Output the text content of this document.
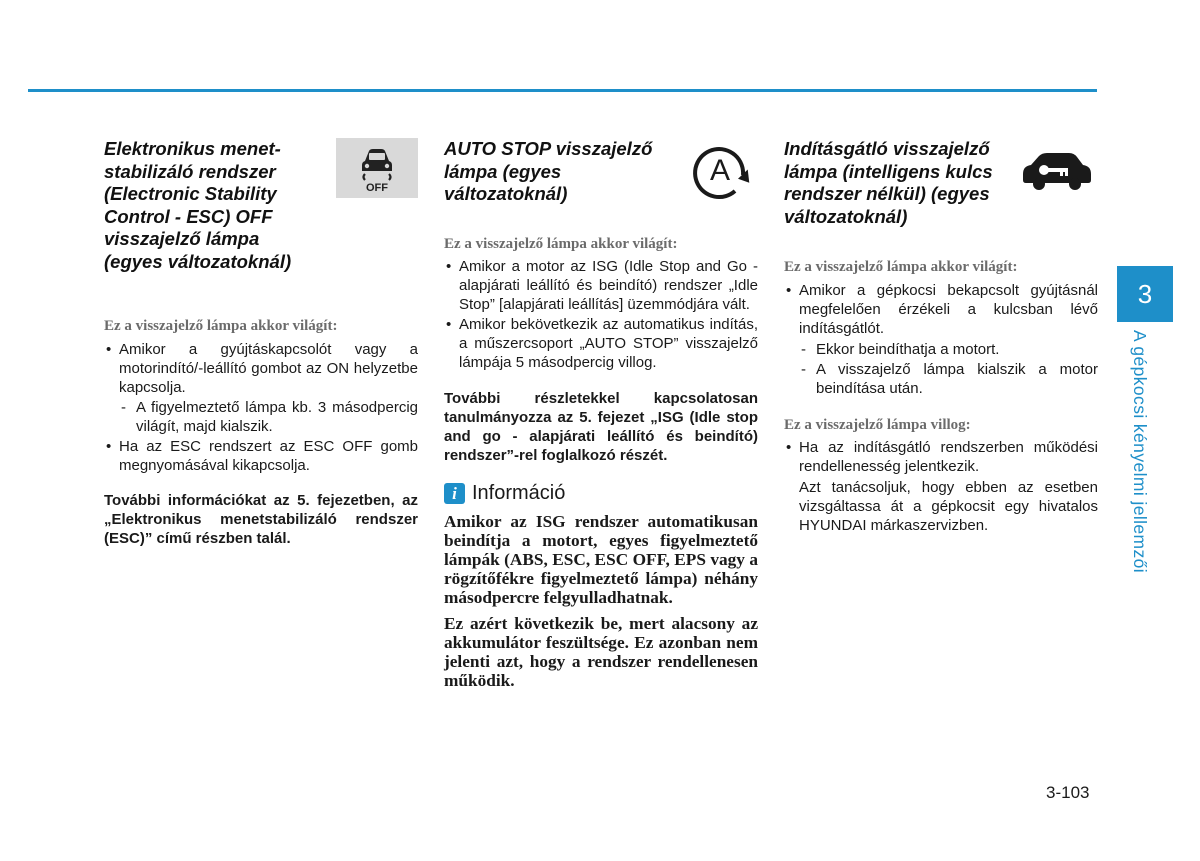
Elektronikus menet-
stabilizáló rendszer
(Electronic Stability
Control - ESC) OFF
visszajelző lámpa
(egyes változatoknál)
OFF

Ez a visszajelző lámpa akkor világít:

• Amikor a gyújtáskapcsolót vagy a motorindító/-leállító gombot az ON helyzetbe kapcsolja.
- A figyelmeztető lámpa kb. 3 másodpercig világít, majd kialszik.
• Ha az ESC rendszert az ESC OFF gomb megnyomásával kikapcsolja.

További információkat az 5. fejezetben, az „Elektronikus menetstabilizáló rendszer (ESC)” című részben talál.

AUTO STOP visszajelző
lámpa (egyes
változatoknál)
A

Ez a visszajelző lámpa akkor világít:

• Amikor a motor az ISG (Idle Stop and Go - alapjárati leállító és beindító) rendszer „Idle Stop” [alapjárati leállítás] üzemmódjára vált.
• Amikor bekövetkezik az automatikus indítás, a műszercsoport „AUTO STOP” visszajelző lámpája 5 másodpercig villog.

További részletekkel kapcsolatosan tanulmányozza az 5. fejezet „ISG (Idle stop and go - alapjárati leállító és beindító) rendszer”-rel foglalkozó részét.

i Információ

Amikor az ISG rendszer automatikusan beindítja a motort, egyes figyelmeztető lámpák (ABS, ESC, ESC OFF, EPS vagy a rögzítőfékre figyelmeztető lámpa) néhány másodpercre felgyulladhatnak.

Ez azért következik be, mert alacsony az akkumulátor feszültsége. Ez azonban nem jelenti azt, hogy a rendszer rendellenesen működik.

Indításgátló visszajelző
lámpa (intelligens kulcs
rendszer nélkül) (egyes
változatoknál)

Ez a visszajelző lámpa akkor világít:

• Amikor a gépkocsi bekapcsolt gyújtásnál megfelelően érzékeli a kulcsban lévő indításgátlót.
- Ekkor beindíthatja a motort.
- A visszajelző lámpa kialszik a motor beindítása után.

Ez a visszajelző lámpa villog:

• Ha az indításgátló rendszerben működési rendellenesség jelentkezik.

Azt tanácsoljuk, hogy ebben az esetben vizsgáltassa át a gépkocsit egy hivatalos HYUNDAI márkaszervizben.

3
A gépkocsi kényelmi jellemzői
3-103
